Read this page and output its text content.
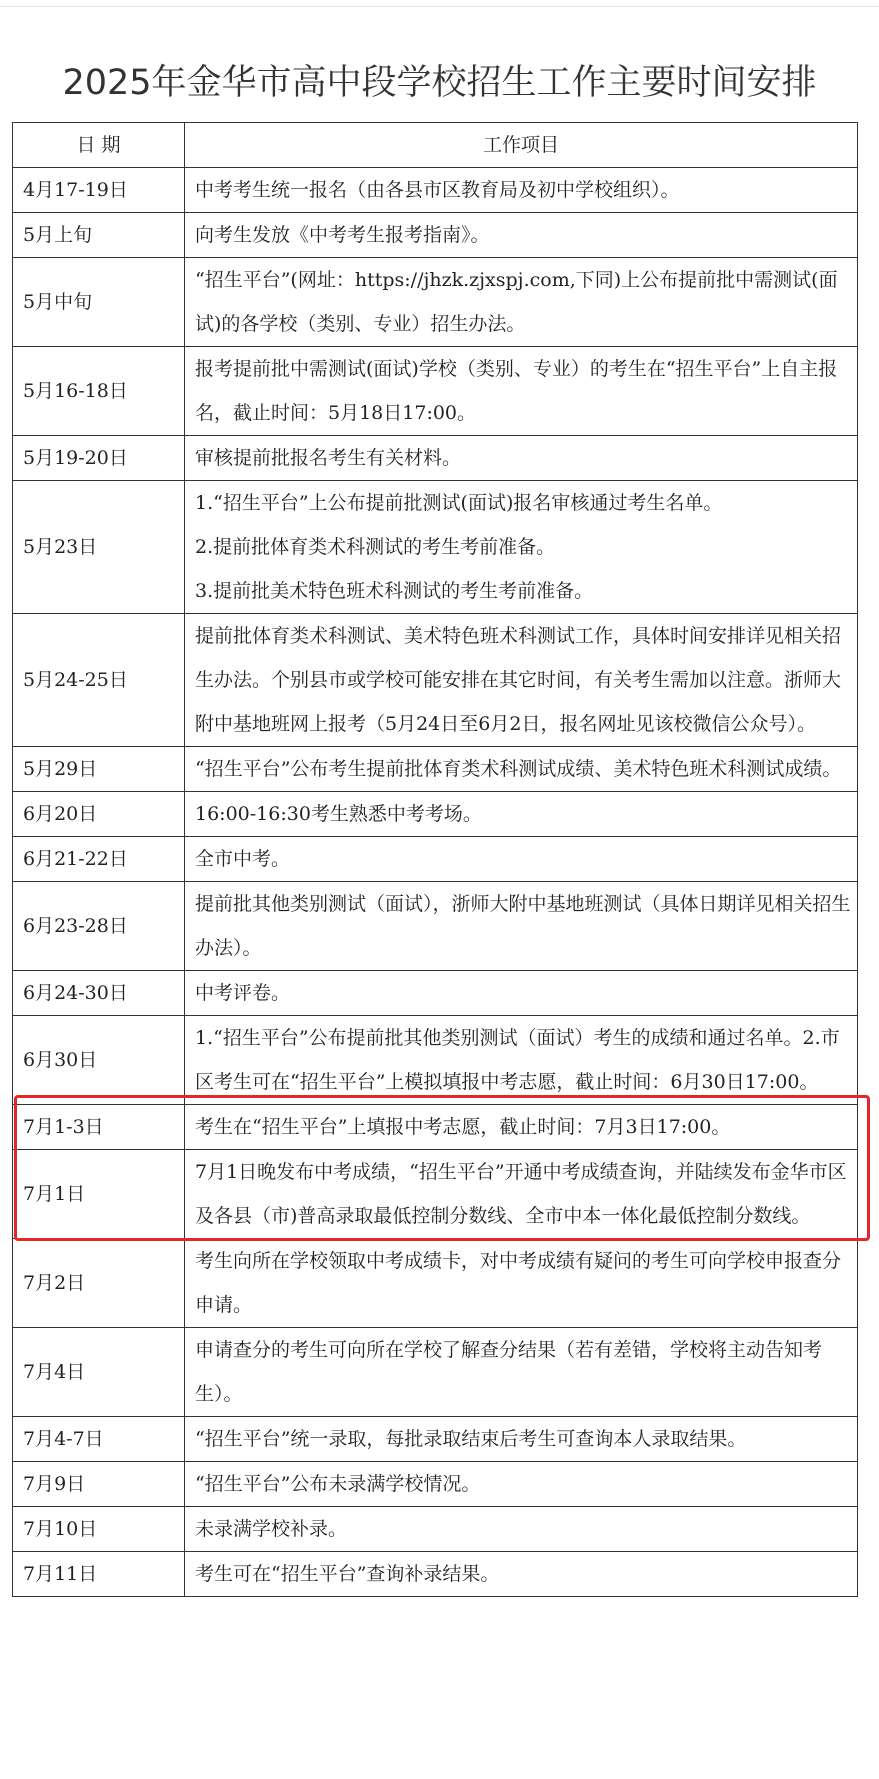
2025年金华市高中段学校招生工作主要时间安排
日 期	工作项目
4月17-19日	中考考生统一报名（由各县市区教育局及初中学校组织）。
5月上旬	向考生发放《中考考生报考指南》。
5月中旬	“招生平台”(网址：https://jhzk.zjxspj.com,下同)上公布提前批中需测试(面试)的各学校（类别、专业）招生办法。
5月16-18日	报考提前批中需测试(面试)学校（类别、专业）的考生在“招生平台”上自主报名，截止时间：5月18日17:00。
5月19-20日	审核提前批报名考生有关材料。
5月23日	1.“招生平台”上公布提前批测试(面试)报名审核通过考生名单。
2.提前批体育类术科测试的考生考前准备。
3.提前批美术特色班术科测试的考生考前准备。
5月24-25日	提前批体育类术科测试、美术特色班术科测试工作，具体时间安排详见相关招生办法。个别县市或学校可能安排在其它时间，有关考生需加以注意。浙师大附中基地班网上报考（5月24日至6月2日，报名网址见该校微信公众号）。
5月29日	“招生平台”公布考生提前批体育类术科测试成绩、美术特色班术科测试成绩。
6月20日	16:00-16:30考生熟悉中考考场。
6月21-22日	全市中考。
6月23-28日	提前批其他类别测试（面试），浙师大附中基地班测试（具体日期详见相关招生办法）。
6月24-30日	中考评卷。
6月30日	1.“招生平台”公布提前批其他类别测试（面试）考生的成绩和通过名单。2.市区考生可在“招生平台”上模拟填报中考志愿，截止时间：6月30日17:00。
7月1-3日	考生在“招生平台”上填报中考志愿，截止时间：7月3日17:00。
7月1日	7月1日晚发布中考成绩，“招生平台”开通中考成绩查询，并陆续发布金华市区及各县（市)普高录取最低控制分数线、全市中本一体化最低控制分数线。
7月2日	考生向所在学校领取中考成绩卡，对中考成绩有疑问的考生可向学校申报查分申请。
7月4日	申请查分的考生可向所在学校了解查分结果（若有差错，学校将主动告知考生）。
7月4-7日	“招生平台”统一录取，每批录取结束后考生可查询本人录取结果。
7月9日	“招生平台”公布未录满学校情况。
7月10日	未录满学校补录。
7月11日	考生可在“招生平台”查询补录结果。
